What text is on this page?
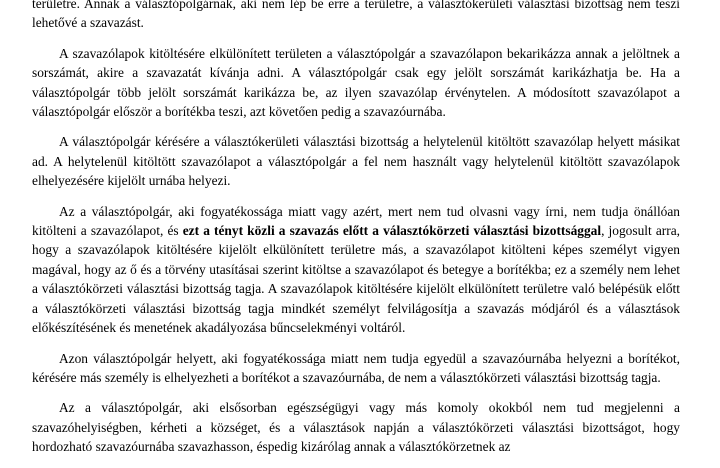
területre. Annak a választópolgárnak, aki nem lép be erre a területre, a választókerületi választási bizottság nem teszi lehetővé a szavazást.

A szavazólapok kitöltésére elkülönített területen a választópolgár a szavazólapon bekarikázza annak a jelöltnek a sorszámát, akire a szavazatát kívánja adni. A választópolgár csak egy jelölt sorszámát karikázhatja be. Ha a választópolgár több jelölt sorszámát karikázza be, az ilyen szavazólap érvénytelen. A módosított szavazólapot a választópolgár először a borítékba teszi, azt követően pedig a szavazóurnába.

A választópolgár kérésére a választókerületi választási bizottság a helytelenül kitöltött szavazólap helyett másikat ad. A helytelenül kitöltött szavazólapot a választópolgár a fel nem használt vagy helytelenül kitöltött szavazólapok elhelyezésére kijelölt urnába helyezi.

Az a választópolgár, aki fogyatékossága miatt vagy azért, mert nem tud olvasni vagy írni, nem tudja önállóan kitölteni a szavazólapot, és ezt a tényt közli a szavazás előtt a választókörzeti választási bizottsággal, jogosult arra, hogy a szavazólapok kitöltésére kijelölt elkülönített területre más, a szavazólapot kitölteni képes személyt vigyen magával, hogy az ő és a törvény utasításai szerint kitöltse a szavazólapot és betegye a borítékba; ez a személy nem lehet a választókörzeti választási bizottság tagja. A szavazólapok kitöltésére kijelölt elkülönített területre való belépésük előtt a választókörzeti választási bizottság tagja mindkét személyt felvilágosítja a szavazás módjáról és a választások előkészítésének és menetének akadályozása bűncselekményi voltáról.

Azon választópolgár helyett, aki fogyatékossága miatt nem tudja egyedül a szavazóurnába helyezni a borítékot, kérésére más személy is elhelyezheti a borítékot a szavazóurnába, de nem a választókörzeti választási bizottság tagja.

Az a választópolgár, aki elsősorban egészségügyi vagy más komoly okokból nem tud megjelenni a szavazóhelyiségben, kérheti a községet, és a választások napján a választókörzeti választási bizottságot, hogy hordozható szavazóurnába szavazhasson, éspedig kizárólag annak a választókörzetnek az
